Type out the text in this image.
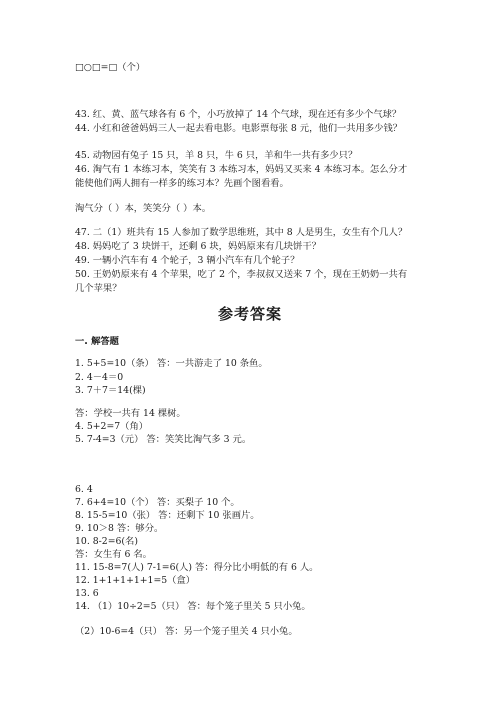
□○□=□（个）
43. 红、黄、蓝气球各有 6 个，小巧放掉了 14 个气球，现在还有多少个气球？
44. 小红和爸爸妈妈三人一起去看电影。电影票每张 8 元，他们一共用多少钱？
45. 动物园有兔子 15 只，羊 8 只，牛 6 只，羊和牛一共有多少只？
46. 淘气有 1 本练习本，笑笑有 3 本练习本，妈妈又买来 4 本练习本。怎么分才
能使他们两人拥有一样多的练习本？先画个图看看。
淘气分（ ）本，笑笑分（ ）本。
47. 二（1）班共有 15 人参加了数学思维班，其中 8 人是男生，女生有个几人？
48. 妈妈吃了 3 块饼干，还剩 6 块，妈妈原来有几块饼干？
49. 一辆小汽车有 4 个轮子，3 辆小汽车有几个轮子？
50. 王奶奶原来有 4 个苹果，吃了 2 个，李叔叔又送来 7 个，现在王奶奶一共有
几个苹果？
参考答案
一. 解答题
1. 5+5=10（条） 答：一共游走了 10 条鱼。
2. 4－4＝0
3. 7＋7＝14(棵)
答：学校一共有 14 棵树。
4. 5+2=7（角）
5. 7-4=3（元） 答：笑笑比淘气多 3 元。
6. 4
7. 6+4=10（个） 答：买梨子 10 个。
8. 15-5=10（张） 答：还剩下 10 张画片。
9. 10＞8 答：够分。
10. 8-2=6(名)
答：女生有 6 名。
11. 15-8=7(人) 7-1=6(人) 答：得分比小明低的有 6 人。
12. 1+1+1+1+1=5（盒）
13. 6
14. （1）10÷2=5（只） 答：每个笼子里关 5 只小兔。
（2）10-6=4（只） 答：另一个笼子里关 4 只小兔。
